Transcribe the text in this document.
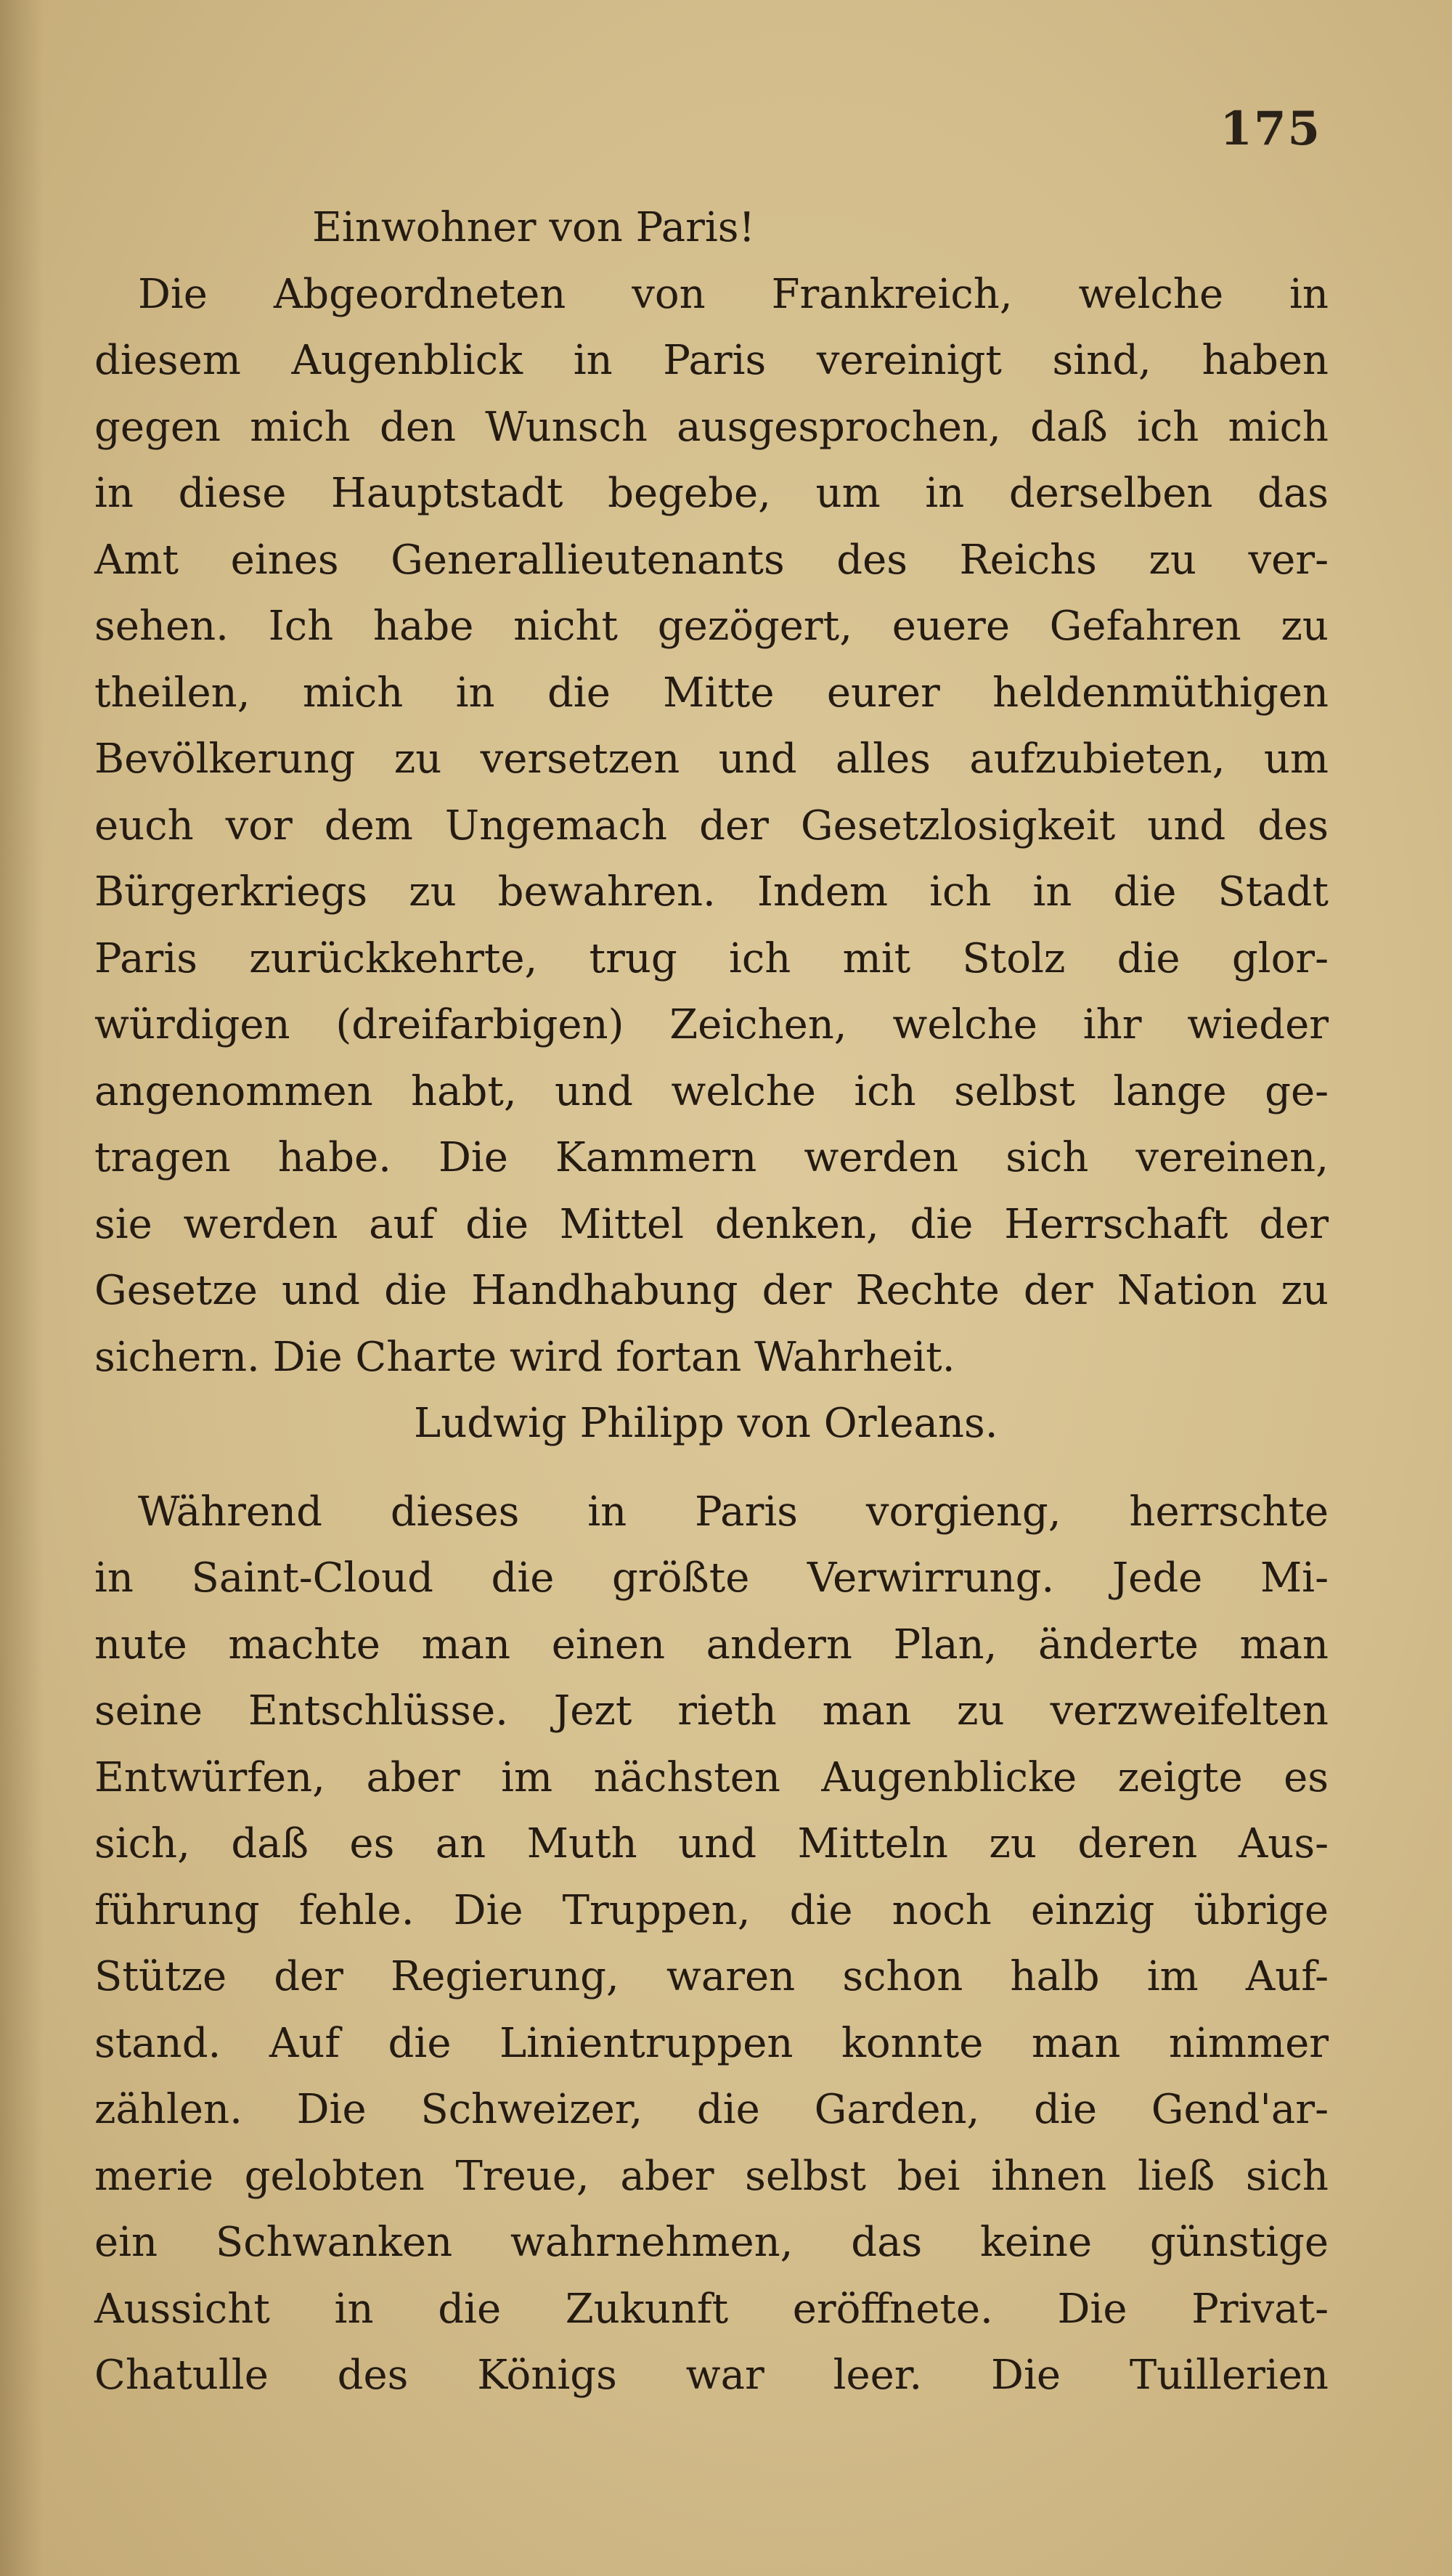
175
Einwohner von Paris!
Die Abgeordneten von Frankreich, welche in
diesem Augenblick in Paris vereinigt sind, haben
gegen mich den Wunsch ausgesprochen, daß ich mich
in diese Hauptstadt begebe, um in derselben das
Amt eines Generallieutenants des Reichs zu ver-
sehen. Ich habe nicht gezögert, euere Gefahren zu
theilen, mich in die Mitte eurer heldenmüthigen
Bevölkerung zu versetzen und alles aufzubieten, um
euch vor dem Ungemach der Gesetzlosigkeit und des
Bürgerkriegs zu bewahren. Indem ich in die Stadt
Paris zurückkehrte, trug ich mit Stolz die glor-
würdigen (dreifarbigen) Zeichen, welche ihr wieder
angenommen habt, und welche ich selbst lange ge-
tragen habe. Die Kammern werden sich vereinen,
sie werden auf die Mittel denken, die Herrschaft der
Gesetze und die Handhabung der Rechte der Nation zu
sichern. Die Charte wird fortan Wahrheit.
Ludwig Philipp von Orleans.
Während dieses in Paris vorgieng, herrschte
in Saint-Cloud die größte Verwirrung. Jede Mi-
nute machte man einen andern Plan, änderte man
seine Entschlüsse. Jezt rieth man zu verzweifelten
Entwürfen, aber im nächsten Augenblicke zeigte es
sich, daß es an Muth und Mitteln zu deren Aus-
führung fehle. Die Truppen, die noch einzig übrige
Stütze der Regierung, waren schon halb im Auf-
stand. Auf die Linientruppen konnte man nimmer
zählen. Die Schweizer, die Garden, die Gend'ar-
merie gelobten Treue, aber selbst bei ihnen ließ sich
ein Schwanken wahrnehmen, das keine günstige
Aussicht in die Zukunft eröffnete. Die Privat-
Chatulle des Königs war leer. Die Tuillerien
